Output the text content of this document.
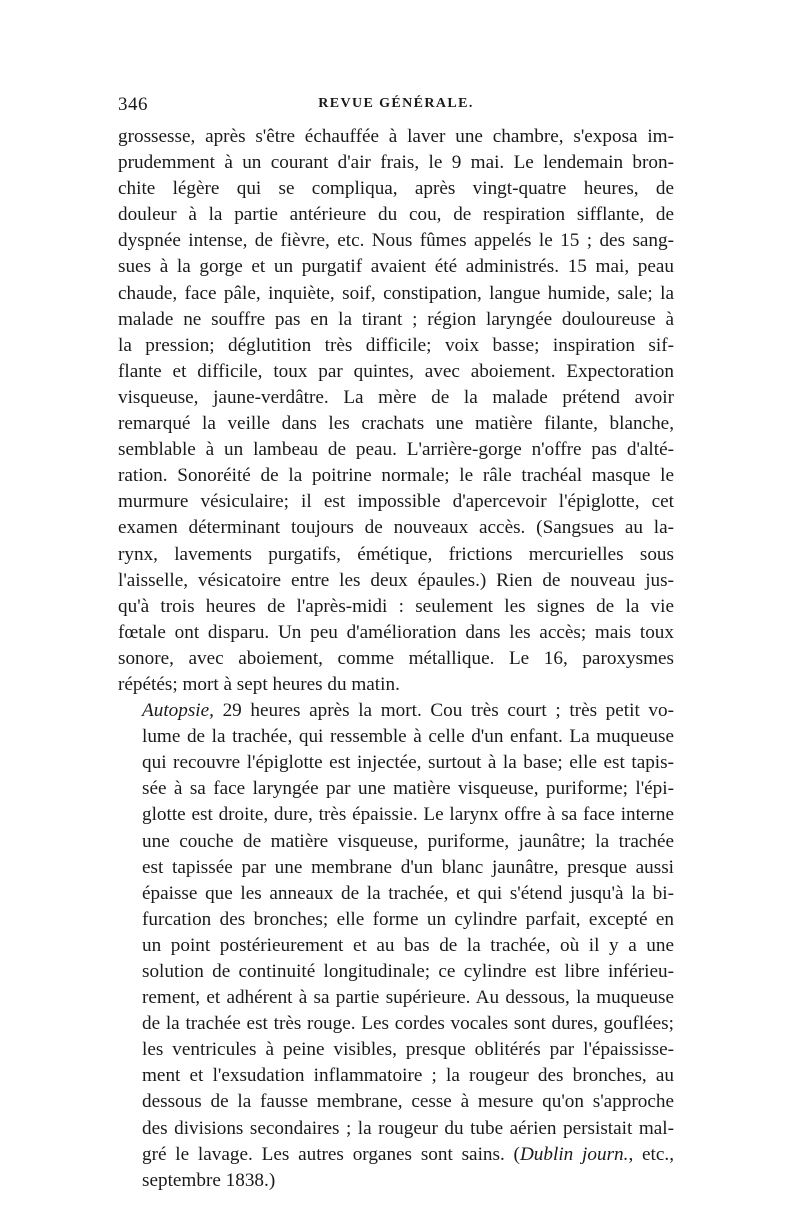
346	REVUE GÉNÉRALE.

grossesse, après s'être échauffée à laver une chambre, s'exposa im-
prudemment à un courant d'air frais, le 9 mai. Le lendemain bron-
chite légère qui se compliqua, après vingt-quatre heures, de
douleur à la partie antérieure du cou, de respiration sifflante, de
dyspnée intense, de fièvre, etc. Nous fûmes appelés le 15 ; des sang-
sues à la gorge et un purgatif avaient été administrés. 15 mai, peau
chaude, face pâle, inquiète, soif, constipation, langue humide, sale; la
malade ne souffre pas en la tirant ; région laryngée douloureuse à
la pression; déglutition très difficile; voix basse; inspiration sif-
flante et difficile, toux par quintes, avec aboiement. Expectoration
visqueuse, jaune-verdâtre. La mère de la malade prétend avoir
remarqué la veille dans les crachats une matière filante, blanche,
semblable à un lambeau de peau. L'arrière-gorge n'offre pas d'alté-
ration. Sonoréité de la poitrine normale; le râle trachéal masque le
murmure vésiculaire; il est impossible d'apercevoir l'épiglotte, cet
examen déterminant toujours de nouveaux accès. (Sangsues au la-
rynx, lavements purgatifs, émétique, frictions mercurielles sous
l'aisselle, vésicatoire entre les deux épaules.) Rien de nouveau jus-
qu'à trois heures de l'après-midi : seulement les signes de la vie
fœtale ont disparu. Un peu d'amélioration dans les accès; mais toux
sonore, avec aboiement, comme métallique. Le 16, paroxysmes
répétés; mort à sept heures du matin.

Autopsie, 29 heures après la mort. Cou très court ; très petit vo-
lume de la trachée, qui ressemble à celle d'un enfant. La muqueuse
qui recouvre l'épiglotte est injectée, surtout à la base; elle est tapis-
sée à sa face laryngée par une matière visqueuse, puriforme; l'épi-
glotte est droite, dure, très épaissie. Le larynx offre à sa face interne
une couche de matière visqueuse, puriforme, jaunâtre; la trachée
est tapissée par une membrane d'un blanc jaunâtre, presque aussi
épaisse que les anneaux de la trachée, et qui s'étend jusqu'à la bi-
furcation des bronches; elle forme un cylindre parfait, excepté en
un point postérieurement et au bas de la trachée, où il y a une
solution de continuité longitudinale; ce cylindre est libre inférieu-
rement, et adhérent à sa partie supérieure. Au dessous, la muqueuse
de la trachée est très rouge. Les cordes vocales sont dures, gouflées;
les ventricules à peine visibles, presque oblitérés par l'épaississe-
ment et l'exsudation inflammatoire ; la rougeur des bronches, au
dessous de la fausse membrane, cesse à mesure qu'on s'approche
des divisions secondaires ; la rougeur du tube aérien persistait mal-
gré le lavage. Les autres organes sont sains. (Dublin journ., etc.,
septembre 1838.)
